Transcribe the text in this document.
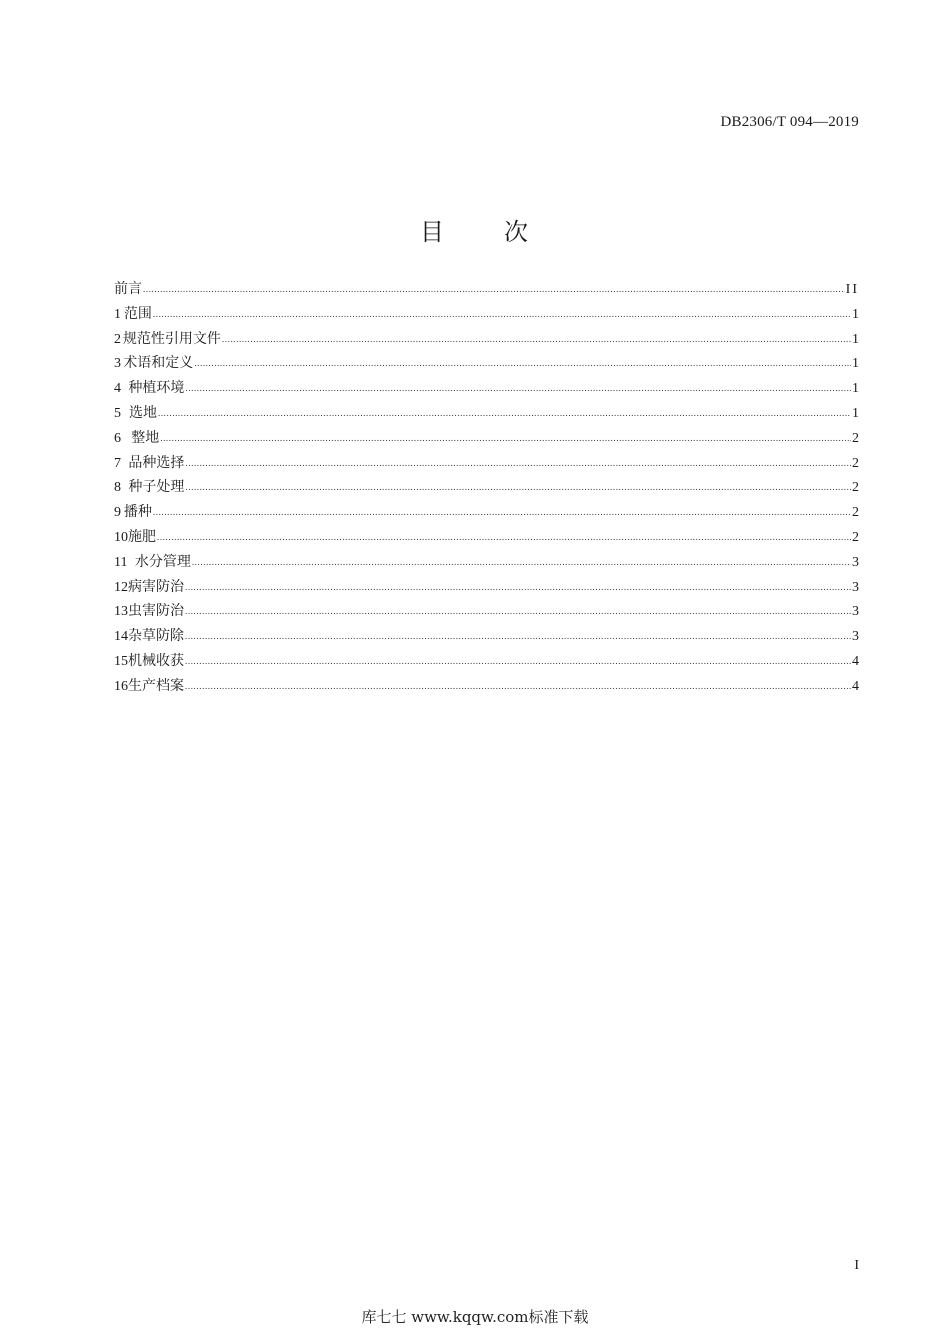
DB2306/T 094—2019
目 次
前言 .....	II
1 范围 .....	1
2 规范性引用文件 .....	1
3 术语和定义 .....	1
4 种植环境 .....	1
5 选地 .....	1
6 整地 .....	2
7 品种选择 .....	2
8 种子处理 .....	2
9 播种 .....	2
10 施肥 .....	2
11 水分管理 .....	3
12 病害防治 .....	3
13 虫害防治 .....	3
14 杂草防除 .....	3
15 机械收获 .....	4
16 生产档案 .....	4
I
库七七 www.kqqw.com标准下载
